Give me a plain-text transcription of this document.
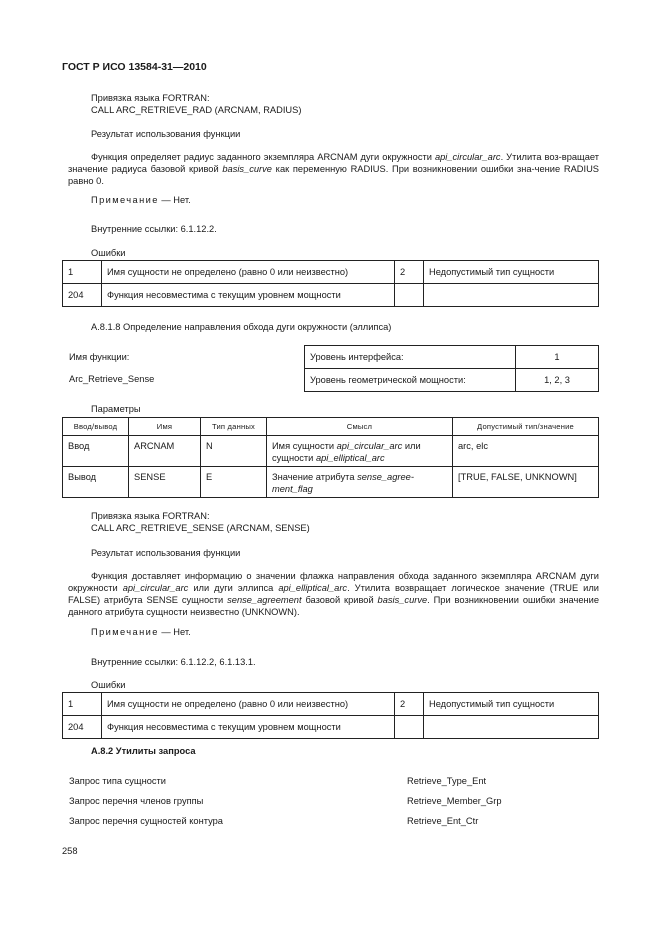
ГОСТ Р ИСО 13584-31—2010
Привязка языка FORTRAN:
CALL ARC_RETRIEVE_RAD (ARCNAM, RADIUS)
Результат использования функции
Функция определяет радиус заданного экземпляра ARCNAM дуги окружности api_circular_arc. Утилита воз-вращает значение радиуса базовой кривой basis_curve как переменную RADIUS. При возникновении ошибки зна-чение RADIUS равно 0.
Примечание — Нет.
Внутренние ссылки: 6.1.12.2.
Ошибки
1	Имя сущности не определено (равно 0 или неизвестно)	2	Недопустимый тип сущности
204	Функция несовместима с текущим уровнем мощности		
A.8.1.8 Определение направления обхода дуги окружности (эллипса)
Имя функции:
Arc_Retrieve_Sense
Уровень интерфейса:	1
Уровень геометрической мощности:	1, 2, 3
Параметры
Ввод/вывод	Имя	Тип данных	Смысл	Допустимый тип/значение
Ввод	ARCNAM	N	Имя сущности api_circular_arc или сущности api_elliptical_arc	arc, elc
Вывод	SENSE	E	Значение атрибута sense_agree-ment_flag	[TRUE, FALSE, UNKNOWN]
Привязка языка FORTRAN:
CALL ARC_RETRIEVE_SENSE (ARCNAM, SENSE)
Результат использования функции
Функция доставляет информацию о значении флажка направления обхода заданного экземпляра ARCNAM дуги окружности api_circular_arc или дуги эллипса api_elliptical_arc. Утилита возвращает логическое значение (TRUE или FALSE) атрибута SENSE сущности sense_agreement базовой кривой basis_curve. При возникновении ошибки значение данного атрибута сущности неизвестно (UNKNOWN).
Примечание — Нет.
Внутренние ссылки: 6.1.12.2, 6.1.13.1.
Ошибки
1	Имя сущности не определено (равно 0 или неизвестно)	2	Недопустимый тип сущности
204	Функция несовместима с текущим уровнем мощности		
A.8.2 Утилиты запроса
Запрос типа сущности	Retrieve_Type_Ent
Запрос перечня членов группы	Retrieve_Member_Grp
Запрос перечня сущностей контура	Retrieve_Ent_Ctr
258
